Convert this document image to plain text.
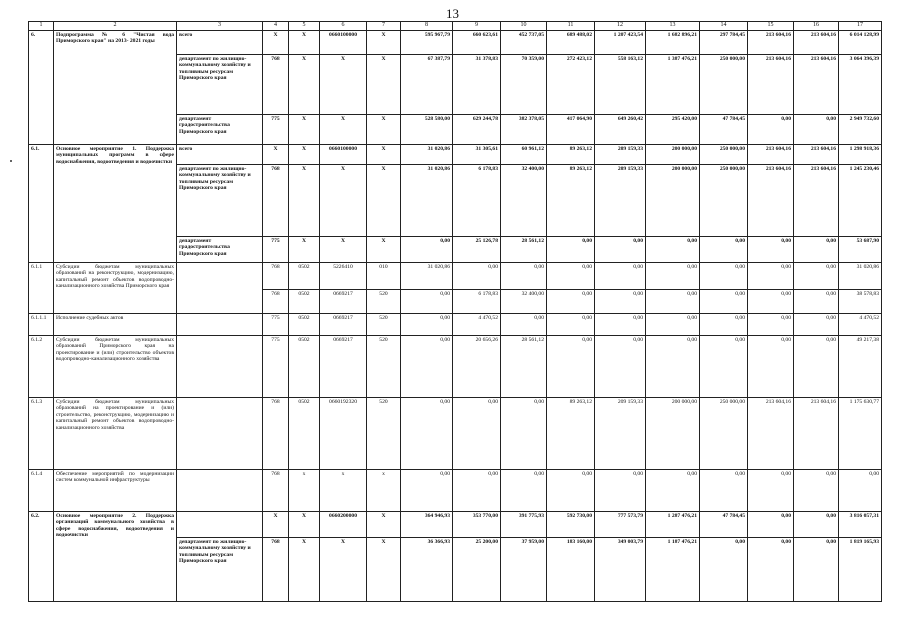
13
1	2	3	4	5	6	7	8	9	10	11	12	13	14	15	16	17
6.	Подпрограмма № 6 "Чистая вода Приморского края" на 2013- 2021 годы	всего	X	X	0660100000	X	595 967,79	660 623,61	452 737,05	689 488,02	1 207 423,54	1 682 896,21	297 784,45	213 604,16	213 604,16	6 014 128,99
		департамент по жилищно-коммунальному хозяйству и топливным ресурсам Приморского края	768	X	X	X	67 387,79	31 378,83	70 359,00	272 423,12	558 163,12	1 387 476,21	250 000,00	213 604,16	213 604,16	3 064 396,39
		департамент градостроительства Приморского края	775	X	X	X	528 580,00	629 244,78	382 378,05	417 064,90	649 260,42	295 420,00	47 784,45	0,00	0,00	2 949 732,60
6.1.	Основное мероприятие 1. Поддержка муниципальных программ в сфере водоснабжения, водоотведения и водоочистки	всего	X	X	0660100000	X	31 020,86	31 305,61	60 961,12	89 263,12	209 159,33	200 000,00	250 000,00	213 604,16	213 604,16	1 298 918,36
		департамент по жилищно-коммунальному хозяйству и топливным ресурсам Приморского края	768	X	X	X	31 020,86	6 178,83	32 400,00	89 263,12	209 159,33	200 000,00	250 000,00	213 604,16	213 604,16	1 245 230,46
		департамент градостроительства Приморского края	775	X	X	X	0,00	25 126,78	28 561,12	0,00	0,00	0,00	0,00	0,00	0,00	53 687,90
6.1.1	Субсидии бюджетам муниципальных образований на реконструкцию, модернизацию, капитальный ремонт объектов водопроводно-канализационного хозяйства Приморского края		768	0502	5226410	010	31 020,86	0,00	0,00	0,00	0,00	0,00	0,00	0,00	0,00	31 020,86
			768	0502	0669217	520	0,00	6 178,83	32 400,00	0,00	0,00	0,00	0,00	0,00	0,00	38 578,83
6.1.1.1	Исполнение судебных актов		775	0502	0669217	520	0,00	4 470,52	0,00	0,00	0,00	0,00	0,00	0,00	0,00	4 470,52
6.1.2	Субсидии бюджетам муниципальных образований Приморского края на проектирование и (или) строительство объектов водопроводно-канализационного хозяйства		775	0502	0669217	520	0,00	20 656,26	28 561,12	0,00	0,00	0,00	0,00	0,00	0,00	49 217,38
6.1.3	Субсидии бюджетам муниципальных образований на проектирование и (или) строительство, реконструкцию, модернизацию и капитальный ремонт объектов водопроводно-канализационного хозяйства		768	0502	0660192320	520	0,00	0,00	0,00	89 263,12	209 159,33	200 000,00	250 000,00	213 604,16	213 604,16	1 175 630,77
6.1.4	Обеспечение мероприятий по модернизации систем коммунальной инфраструктуры		768	x	x	x	0,00	0,00	0,00	0,00	0,00	0,00	0,00	0,00	0,00	0,00
6.2.	Основное мероприятие 2. Поддержка организаций коммунального хозяйства в сфере водоснабжения, водоотведения и водоочистки		X	X	0660200000	X	364 946,93	353 770,00	391 775,93	592 730,00	777 573,79	1 287 476,21	47 784,45	0,00	0,00	3 816 057,31
		департамент по жилищно-коммунальному хозяйству и топливным ресурсам Приморского края	768	X	X	X	36 366,93	25 200,00	37 959,00	183 160,00	349 003,79	1 187 476,21	0,00	0,00	0,00	1 819 165,93
